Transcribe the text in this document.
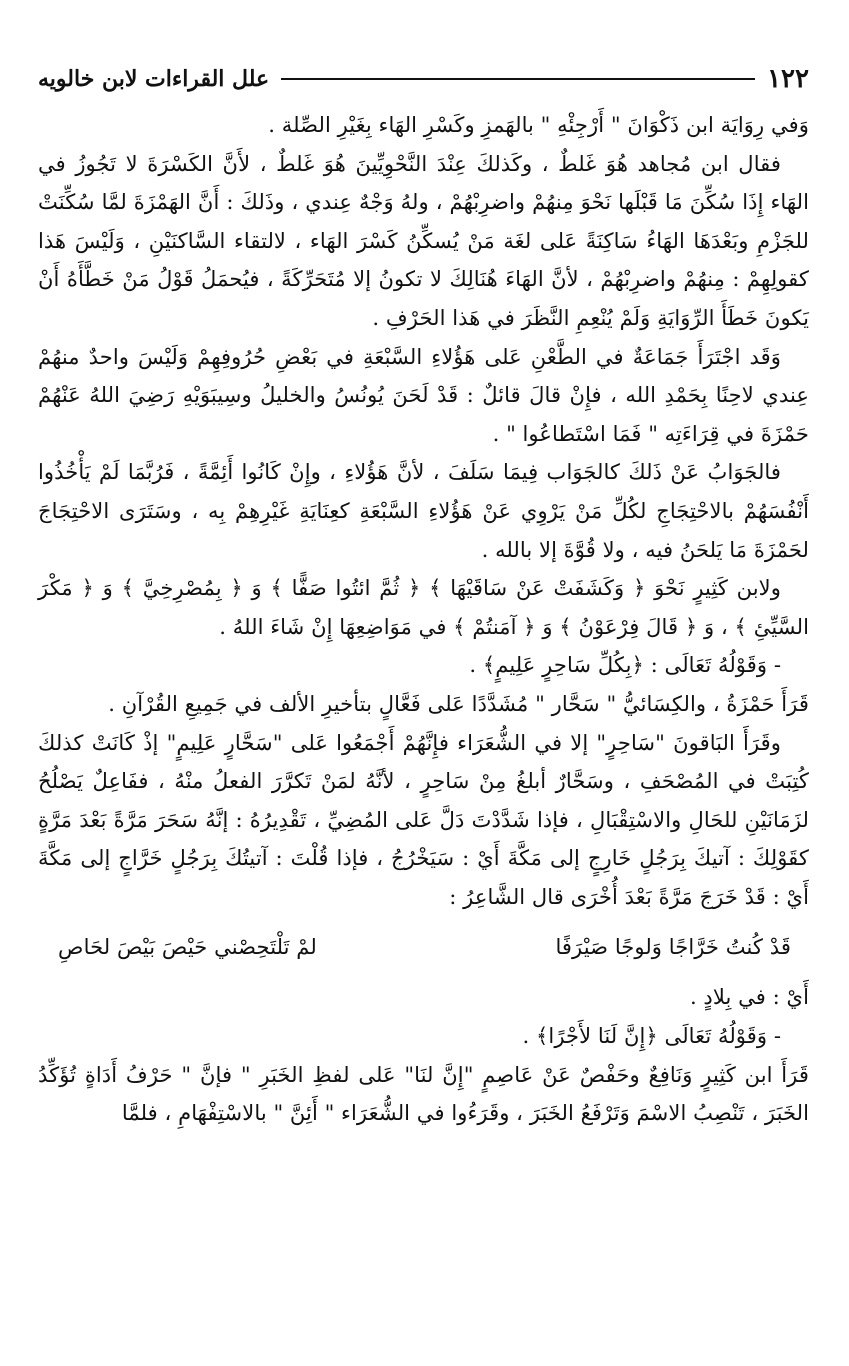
١٢٢
علل القراءات لابن خالويه

وَفي رِوَايَة ابن ذَكْوَانَ " أَرْجِئْهِ " بالهَمزِ وكَسْرِ الهَاء بِغَيْرِ الصِّلة .

فقال ابن مُجاهد هُوَ غَلطٌ ، وكَذلكَ عِنْدَ النَّحْوِيِّينَ هُوَ غَلطٌ ، لأَنَّ الكَسْرَةَ لا تَجُوزُ في الهَاء إِذَا سُكِّنَ مَا قَبْلَها نَحْوَ مِنهُمْ واضرِبْهُمْ ، ولهُ وَجْهٌ عِندي ، وذَلكَ : أَنَّ الهَمْزَةَ لمَّا سُكِّنَتْ للجَزْمِ وبَعْدَهَا الهَاءُ سَاكِنَةً عَلى لغَة مَنْ يُسكِّنُ كَسْرَ الهَاء ، لالتقاء السَّاكنَيْنِ ، وَلَيْسَ هَذا كقولِهِمْ : مِنهُمْ واضرِبْهُمْ ، لأنَّ الهَاءَ هُنَالِكَ لا تكونُ إلا مُتَحَرِّكَةً ، فيُحمَلُ قَوْلُ مَنْ خَطَّأَهُ أَنْ يَكونَ خَطَأَ الرِّوَايَةِ وَلَمْ يُنْعِمِ النَّظَرَ في هَذا الحَرْفِ .

وَقَد اجْتَرَأَ جَمَاعَةٌ في الطَّعْنِ عَلى هَؤُلاءِ السَّبْعَةِ في بَعْضِ حُرُوفِهِمْ وَلَيْسَ واحدٌ منهُمْ عِندي لاحِنًا بِحَمْدِ الله ، فإِنْ قالَ قائلٌ : قَدْ لَحَنَ يُونُسُ والخليلُ وسِيبَوَيْهِ رَضِيَ اللهُ عَنْهُمْ حَمْزَةَ في قِرَاءَتِه " فَمَا اسْتَطاعُوا " .

فالجَوَابُ عَنْ ذَلكَ كالجَوَاب فِيمَا سَلَفَ ، لأنَّ هَؤُلاءِ ، وإِنْ كَانُوا أَئِمَّةً ، فَرُبَّمَا لَمْ يَأْخُذُوا أَنْفُسَهُمْ بالاحْتِجَاجِ لكُلِّ مَنْ يَرْوِي عَنْ هَؤُلاءِ السَّبْعَةِ كعِنَايَةِ غَيْرِهِمْ بِه ، وسَتَرَى الاحْتِجَاجَ لحَمْزَةَ مَا يَلحَنُ فيه ، ولا قُوَّةَ إلا بالله .

ولابن كَثِيرٍ نَحْوَ ﴿ وَكَشَفَتْ عَنْ سَاقَيْهَا ﴾ ﴿ ثُمَّ ائتُوا صَفًّا ﴾ وَ ﴿ بِمُصْرِخِيَّ ﴾ وَ ﴿ مَكْرَ السَّيِّئِ ﴾ ، وَ ﴿ قَالَ فِرْعَوْنُ ﴾ وَ ﴿ آمَنتُمْ ﴾ في مَوَاضِعِهَا إِنْ شَاءَ اللهُ .

- وَقَوْلُهُ تَعَالَى : ﴿بِكُلِّ سَاحِرٍ عَلِيمٍ﴾ .

قَرَأَ حَمْزَةُ ، والكِسَائيُّ " سَحَّار " مُشَدَّدًا عَلى فَعَّالٍ بتأخيرِ الألف في جَمِيعِ القُرْآنِ .

وقَرَأَ البَاقونَ "سَاحِرٍ" إلا في الشُّعَرَاء فإِنَّهُمْ أَجْمَعُوا عَلى "سَحَّارٍ عَلِيمٍ" إذْ كَانَتْ كذلكَ كُتِبَتْ في المُصْحَفِ ، وسَحَّارٌ أبلغُ مِنْ سَاحِرٍ ، لأنَّهُ لمَنْ تَكرَّرَ الفعلُ منْهُ ، ففَاعِلٌ يَصْلُحُ لزَمَانَيْنِ للحَالِ والاسْتِقْبَالِ ، فإذا شَدَّدْتَ دَلَّ عَلى المُضِيِّ ، تَقْدِيرُهُ : إنَّهُ سَحَرَ مَرَّةً بَعْدَ مَرَّةٍ كقَوْلِكَ : آتيكَ بِرَجُلٍ خَارِجٍ إلى مَكَّةَ أَيْ : سَيَخْرُجُ ، فإذا قُلْتَ : آتيتُكَ بِرَجُلٍ خَرَّاجٍ إلى مَكَّةَ أَيْ : قَدْ خَرَجَ مَرَّةً بَعْدَ أُخْرَى قال الشَّاعِرُ :

قَدْ كُنتُ خَرَّاجًا وَلوجًا صَيْرَفًا
لمْ تَلْتَحِصْني حَيْصَ بَيْصَ لحَاصِ

أَيْ : في بِلادٍ .

- وَقَوْلُهُ تَعَالَى ﴿إِنَّ لَنَا لأَجْرًا﴾ .

قَرَأَ ابن كَثِيرٍ وَنَافِعٌ وحَفْصٌ عَنْ عَاصِمٍ "إِنَّ لنَا" عَلى لفظِ الخَبَرِ " فإنَّ " حَرْفُ أَدَاةٍ تُؤَكِّدُ الخَبَرَ ، تَنْصِبُ الاسْمَ وَتَرْفَعُ الخَبَرَ ، وقَرَءُوا في الشُّعَرَاء " أَئِنَّ " بالاسْتِفْهَامِ ، فلمَّا
